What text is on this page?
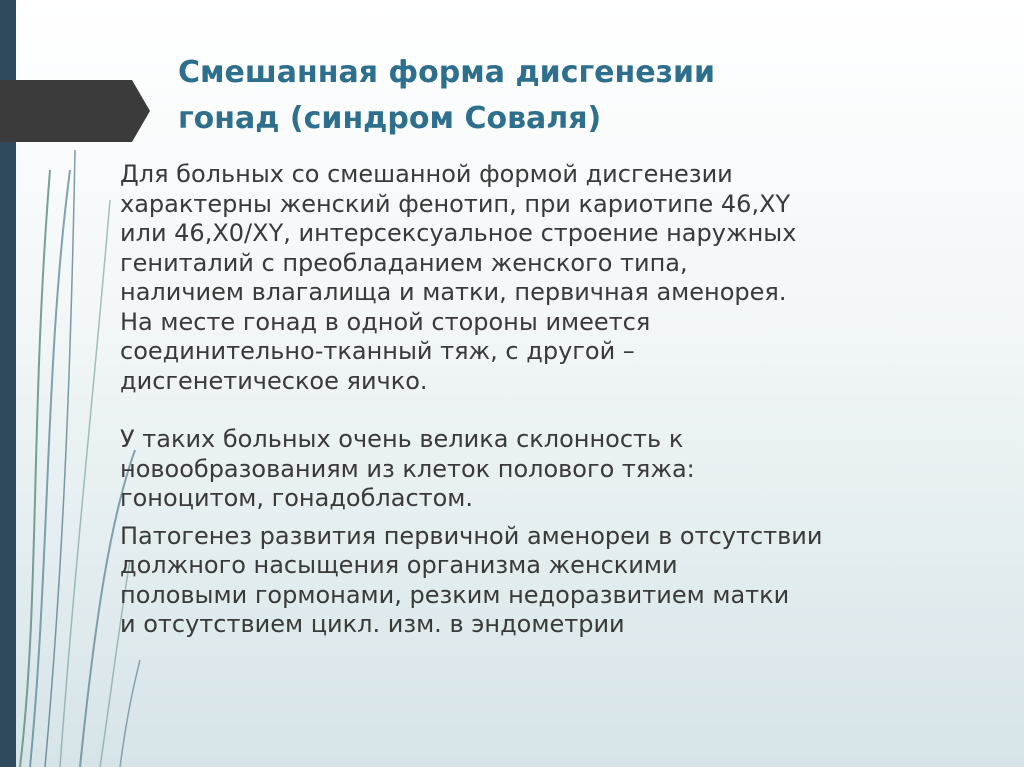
Смешанная форма дисгенезии
гонад (синдром Соваля)

Для больных со смешанной формой дисгенезии
характерны женский фенотип, при кариотипе 46,XY
или 46,X0/XY, интерсексуальное строение наружных
гениталий с преобладанием женского типа,
наличием влагалища и матки, первичная аменорея.
На месте гонад в одной стороны имеется
соединительно-тканный тяж, с другой –
дисгенетическое яичко.

У таких больных очень велика склонность к
новообразованиям из клеток полового тяжа:
гоноцитом, гонадобластом.

Патогенез развития первичной аменореи в отсутствии
должного насыщения организма женскими
половыми гормонами, резким недоразвитием матки
и отсутствием цикл. изм. в эндометрии
